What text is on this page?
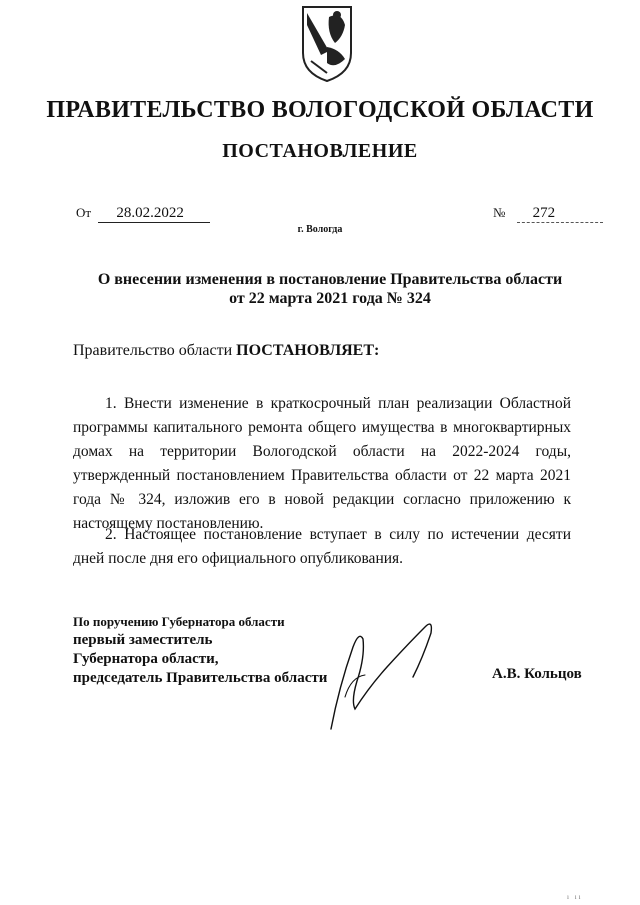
ПРАВИТЕЛЬСТВО ВОЛОГОДСКОЙ ОБЛАСТИ
ПОСТАНОВЛЕНИЕ
От 28.02.2022	№ 272
г. Вологда
О внесении изменения в постановление Правительства области
от 22 марта 2021 года № 324
Правительство области ПОСТАНОВЛЯЕТ:

1. Внести изменение в краткосрочный план реализации Областной программы капитального ремонта общего имущества в многоквартирных домах на территории Вологодской области на 2022-2024 годы, утвержденный постановлением Правительства области от 22 марта 2021 года № 324, изложив его в новой редакции согласно приложению к настоящему постановлению.

2. Настоящее постановление вступает в силу по истечении десяти дней после дня его официального опубликования.

По поручению Губернатора области
первый заместитель
Губернатора области,
председатель Правительства области	А.В. Кольцов
ı ıı
